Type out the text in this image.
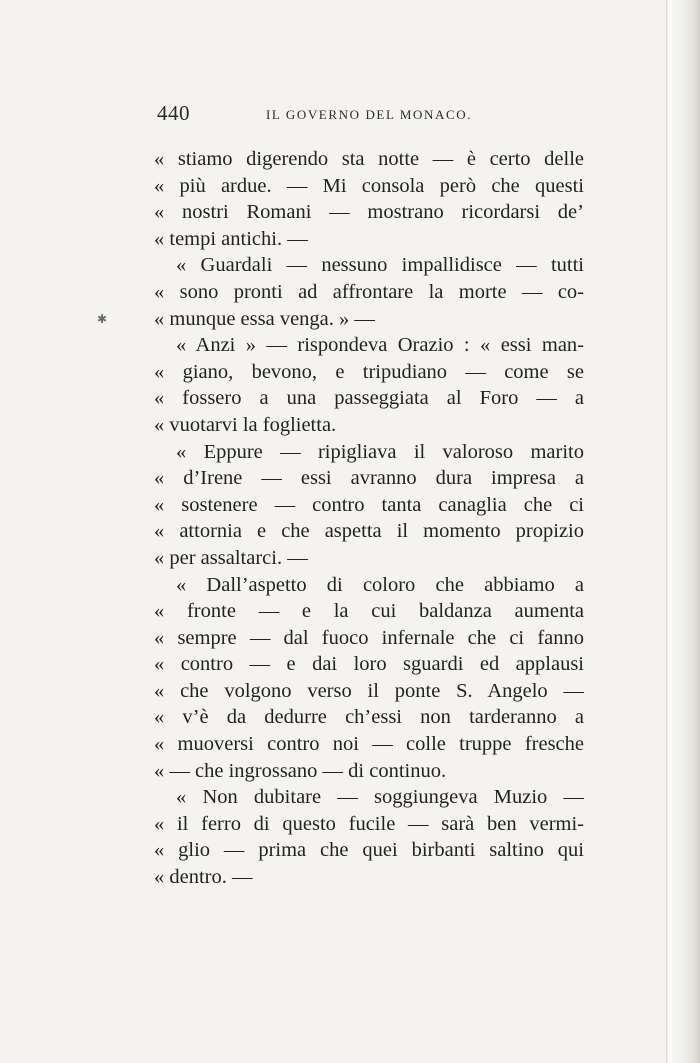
440	IL GOVERNO DEL MONACO.
✱
« stiamo digerendo sta notte — è certo delle
« più ardue. — Mi consola però che questi
« nostri Romani — mostrano ricordarsi de’
« tempi antichi. —
« Guardali — nessuno impallidisce — tutti
« sono pronti ad affrontare la morte — co-
« munque essa venga. » —
« Anzi » — rispondeva Orazio : « essi man-
« giano, bevono, e tripudiano — come se
« fossero a una passeggiata al Foro — a
« vuotarvi la foglietta.
« Eppure — ripigliava il valoroso marito
« d’Irene — essi avranno dura impresa a
« sostenere — contro tanta canaglia che ci
« attornia e che aspetta il momento propizio
« per assaltarci. —
« Dall’aspetto di coloro che abbiamo a
« fronte — e la cui baldanza aumenta
« sempre — dal fuoco infernale che ci fanno
« contro — e dai loro sguardi ed applausi
« che volgono verso il ponte S. Angelo —
« v’è da dedurre ch’essi non tarderanno a
« muoversi contro noi — colle truppe fresche
« — che ingrossano — di continuo.
« Non dubitare — soggiungeva Muzio —
« il ferro di questo fucile — sarà ben vermi-
« glio — prima che quei birbanti saltino qui
« dentro. —
